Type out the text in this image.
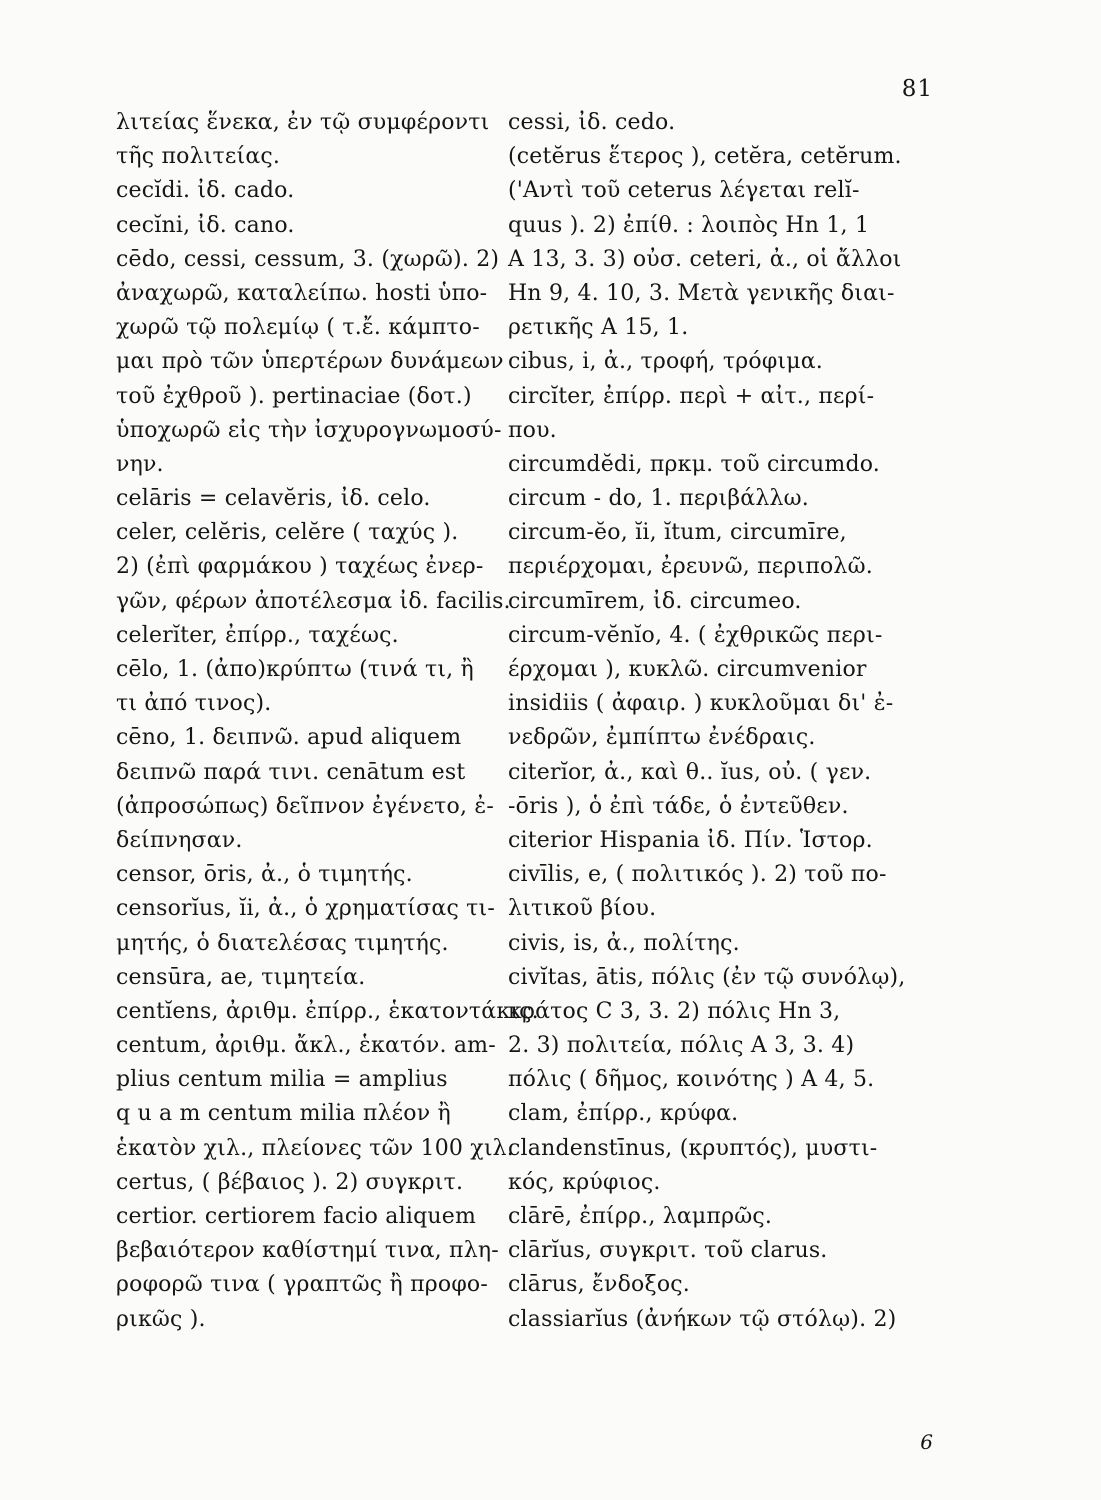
81
λιτείας ἕνεκα, ἐν τῷ συμφέροντι
τῆς πολιτείας.
cecĭdi. ἰδ. cado.
cecĭni, ἰδ. cano.
cēdo, cessi, cessum, 3. (χωρῶ). 2)
ἀναχωρῶ, καταλείπω. hosti ὑπο-
χωρῶ τῷ πολεμίῳ ( τ.ἔ. κάμπτο-
μαι πρὸ τῶν ὑπερτέρων δυνάμεων
τοῦ ἐχθροῦ ). pertinaciae (δοτ.)
ὑποχωρῶ εἰς τὴν ἰσχυρογνωμοσύ-
νην.
celāris = celavĕris, ἰδ. celo.
celer, celĕris, celĕre ( ταχύς ).
2) (ἐπὶ φαρμάκου ) ταχέως ἐνερ-
γῶν, φέρων ἀποτέλεσμα ἰδ. facilis.
celerĭter, ἐπίρρ., ταχέως.
cēlo, 1. (ἀπο)κρύπτω (τινά τι, ἢ
τι ἀπό τινος).
cēno, 1. δειπνῶ. apud aliquem
δειπνῶ παρά τινι. cenātum est
(ἀπροσώπως) δεῖπνον ἐγένετο, ἐ-
δείπνησαν.
censor, ōris, ἀ., ὁ τιμητής.
censorĭus, ĭi, ἀ., ὁ χρηματίσας τι-
μητής, ὁ διατελέσας τιμητής.
censūra, ae, τιμητεία.
centĭens, ἀριθμ. ἐπίρρ., ἑκατοντάκις.
centum, ἀριθμ. ἄκλ., ἑκατόν. am-
plius centum milia = amplius
q u a m centum milia πλέον ἢ
ἑκατὸν χιλ., πλείονες τῶν 100 χιλ.
certus, ( βέβαιος ). 2) συγκριτ.
certior. certiorem facio aliquem
βεβαιότερον καθίστημί τινα, πλη-
ροφορῶ τινα ( γραπτῶς ἢ προφο-
ρικῶς ).
cessi, ἰδ. cedo.
(cetĕrus ἕτερος ), cetĕra, cetĕrum.
('Αντὶ τοῦ ceterus λέγεται relĭ-
quus ). 2) ἐπίθ. : λοιπὸς Ηn 1, 1
Α 13, 3. 3) οὐσ. ceteri, ἀ., οἱ ἄλλοι
Ηn 9, 4. 10, 3. Μετὰ γενικῆς διαι-
ρετικῆς Α 15, 1.
cibus, i, ἀ., τροφή, τρόφιμα.
circĭter, ἐπίρρ. περὶ + αἰτ., περί-
που.
circumdĕdi, πρκμ. τοῦ circumdo.
circum - do, 1. περιβάλλω.
circum-ĕo, ĭi, ĭtum, circumīre,
περιέρχομαι, ἐρευνῶ, περιπολῶ.
circumīrem, ἰδ. circumeo.
circum-vĕnĭo, 4. ( ἐχθρικῶς περι-
έρχομαι ), κυκλῶ. circumvenior
insidiis ( ἀφαιρ. ) κυκλοῦμαι δι' ἐ-
νεδρῶν, ἐμπίπτω ἐνέδραις.
citerĭor, ἀ., καὶ θ.. ĭus, οὐ. ( γεν.
-ōris ), ὁ ἐπὶ τάδε, ὁ ἐντεῦθεν.
citerior Hispania ἰδ. Πίν. Ἱστορ.
civīlis, e, ( πολιτικός ). 2) τοῦ πο-
λιτικοῦ βίου.
civis, is, ἀ., πολίτης.
civĭtas, ātis, πόλις (ἐν τῷ συνόλῳ),
κράτος C 3, 3. 2) πόλις Ηn 3,
2. 3) πολιτεία, πόλις Α 3, 3. 4)
πόλις ( δῆμος, κοινότης ) Α 4, 5.
clam, ἐπίρρ., κρύφα.
clandenstīnus, (κρυπτός), μυστι-
κός, κρύφιος.
clārē, ἐπίρρ., λαμπρῶς.
clārĭus, συγκριτ. τοῦ clarus.
clārus, ἔνδοξος.
classiarĭus (ἀνήκων τῷ στόλῳ). 2)
6
